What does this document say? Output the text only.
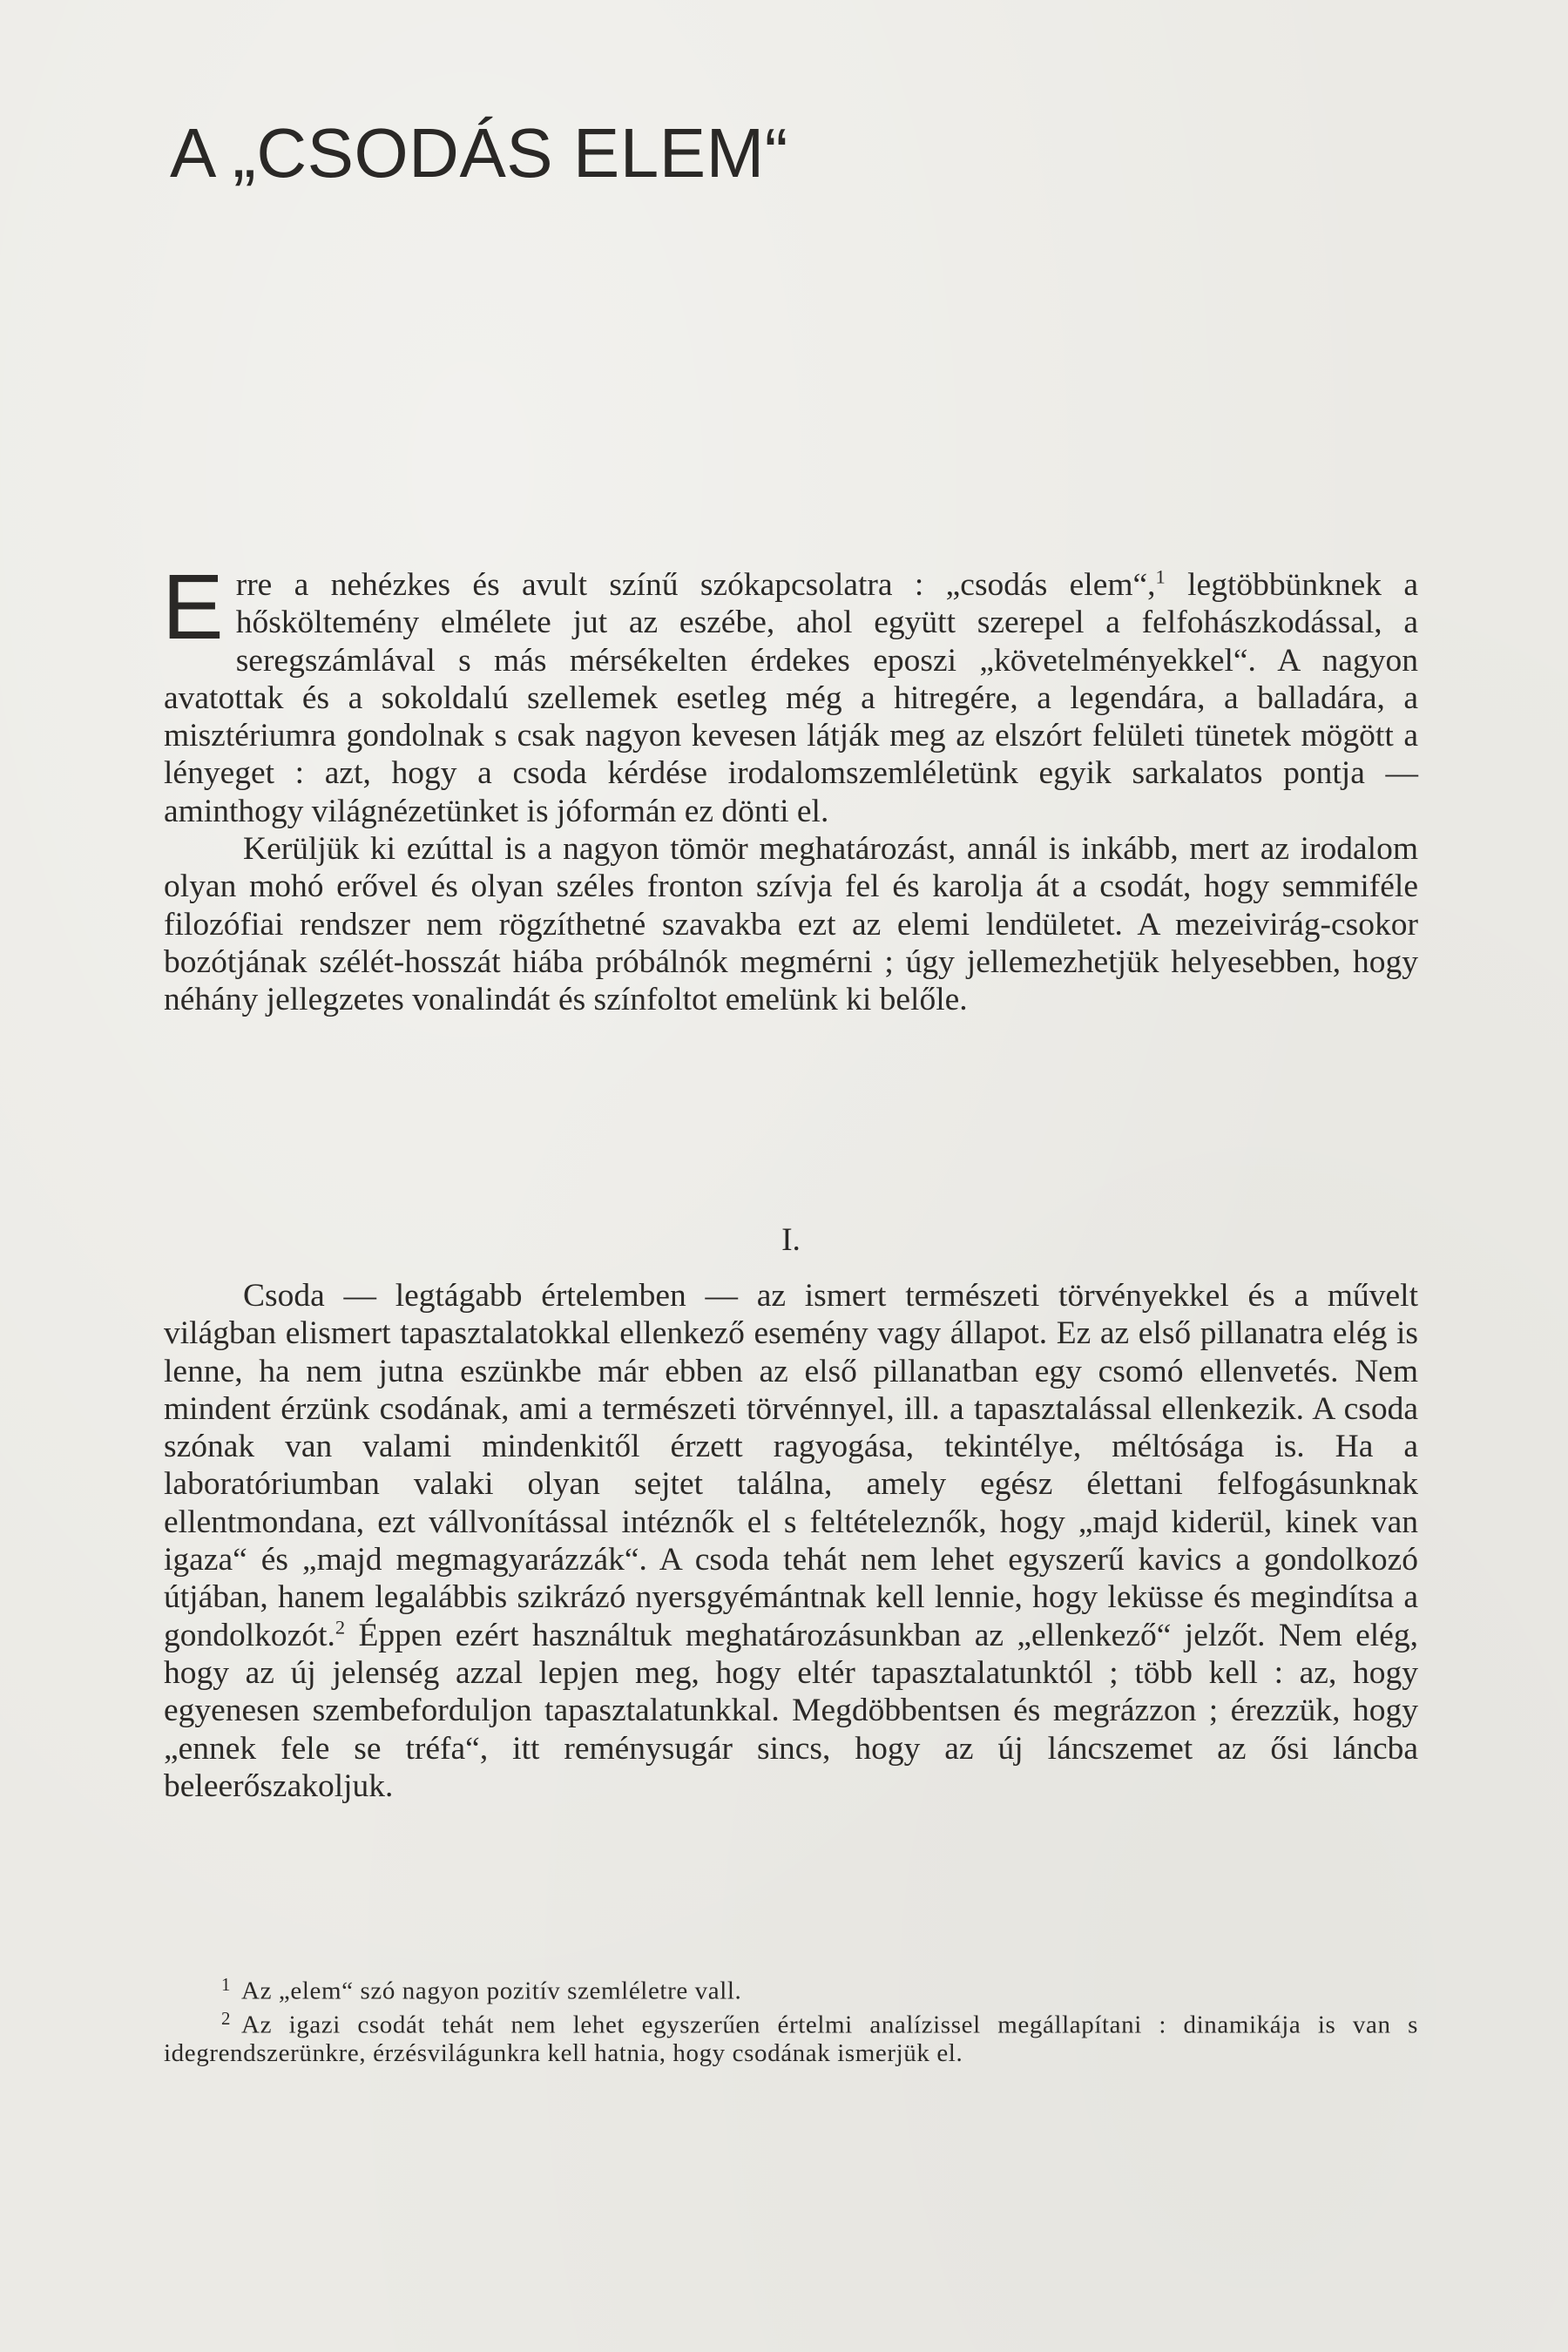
A „CSODÁS ELEM“

Erre a nehézkes és avult színű szókapcsolatra : „csodás elem“,$^1$ legtöbbünknek a hősköltemény elmélete jut az eszébe, ahol együtt szerepel a felfohászkodással, a seregszámlával s más mérsékelten érdekes eposzi „követelményekkel“. A nagyon avatottak és a sokoldalú szellemek esetleg még a hitregére, a legendára, a balladára, a misztériumra gondolnak s csak nagyon kevesen látják meg az elszórt felületi tünetek mögött a lényeget : azt, hogy a csoda kérdése irodalomszemléletünk egyik sarkalatos pontja — aminthogy világnézetünket is jóformán ez dönti el.

Kerüljük ki ezúttal is a nagyon tömör meghatározást, annál is inkább, mert az irodalom olyan mohó erővel és olyan széles fronton szívja fel és karolja át a csodát, hogy semmiféle filozófiai rendszer nem rögzíthetné szavakba ezt az elemi lendületet. A mezeivirág-csokor bozótjának szélét-hosszát hiába próbálnók megmérni ; úgy jellemezhetjük helyesebben, hogy néhány jellegzetes vonalindát és színfoltot emelünk ki belőle.

I.

Csoda — legtágabb értelemben — az ismert természeti törvényekkel és a művelt világban elismert tapasztalatokkal ellenkező esemény vagy állapot. Ez az első pillanatra elég is lenne, ha nem jutna eszünkbe már ebben az első pillanatban egy csomó ellenvetés. Nem mindent érzünk csodának, ami a természeti törvénnyel, ill. a tapasztalással ellenkezik. A csoda szónak van valami mindenkitől érzett ragyogása, tekintélye, méltósága is. Ha a laboratóriumban valaki olyan sejtet találna, amely egész élettani felfogásunknak ellentmondana, ezt vállvonítással intéznők el s feltételeznők, hogy „majd kiderül, kinek van igaza“ és „majd megmagyarázzák“. A csoda tehát nem lehet egyszerű kavics a gondolkozó útjában, hanem legalábbis szikrázó nyersgyémántnak kell lennie, hogy leküsse és megindítsa a gondolkozót.$^2$ Éppen ezért használtuk meghatározásunkban az „ellenkező“ jelzőt. Nem elég, hogy az új jelenség azzal lepjen meg, hogy eltér tapasztalatunktól ; több kell : az, hogy egyenesen szembeforduljon tapasztalatunkkal. Megdöbbentsen és megrázzon ; érezzük, hogy „ennek fele se tréfa“, itt reménysugár sincs, hogy az új láncszemet az ősi láncba beleerőszakoljuk.

$^1$ Az „elem“ szó nagyon pozitív szemléletre vall.

$^2$ Az igazi csodát tehát nem lehet egyszerűen értelmi analízissel megállapítani : dinamikája is van s idegrendszerünkre, érzésvilágunkra kell hatnia, hogy csodának ismerjük el.
